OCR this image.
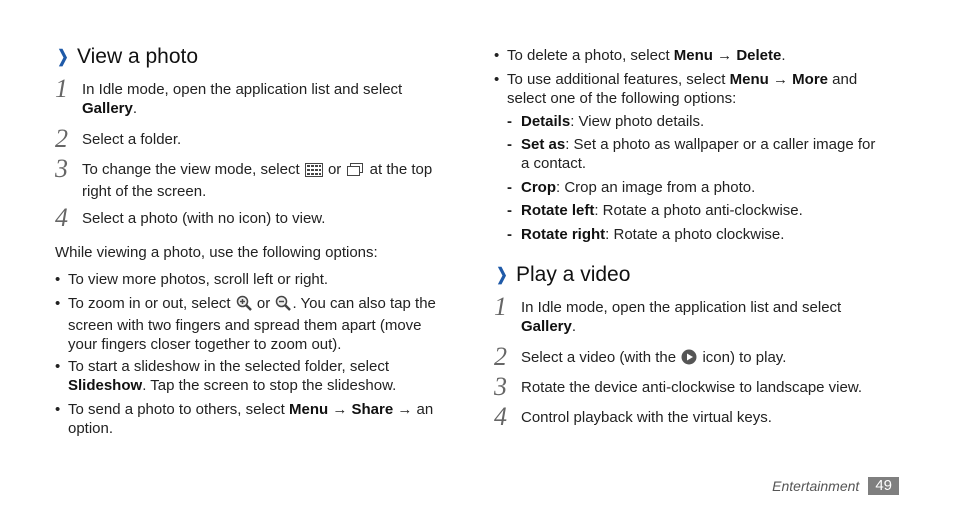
❯ View a photo
1 In Idle mode, open the application list and select
Gallery.
2 Select a folder.
3 To change the view mode, select or at the top right of the screen.
4 Select a photo (with no icon) to view.
While viewing a photo, use the following options:
• To view more photos, scroll left or right.
• To zoom in or out, select or . You can also tap the screen with two fingers and spread them apart (move your fingers closer together to zoom out).
• To start a slideshow in the selected folder, select Slideshow. Tap the screen to stop the slideshow.
• To send a photo to others, select Menu → Share → an option.
• To delete a photo, select Menu → Delete.
• To use additional features, select Menu → More and select one of the following options:
- Details: View photo details.
- Set as: Set a photo as wallpaper or a caller image for a contact.
- Crop: Crop an image from a photo.
- Rotate left: Rotate a photo anti-clockwise.
- Rotate right: Rotate a photo clockwise.
❯ Play a video
1 In Idle mode, open the application list and select
Gallery.
2 Select a video (with the icon) to play.
3 Rotate the device anti-clockwise to landscape view.
4 Control playback with the virtual keys.
Entertainment	49
